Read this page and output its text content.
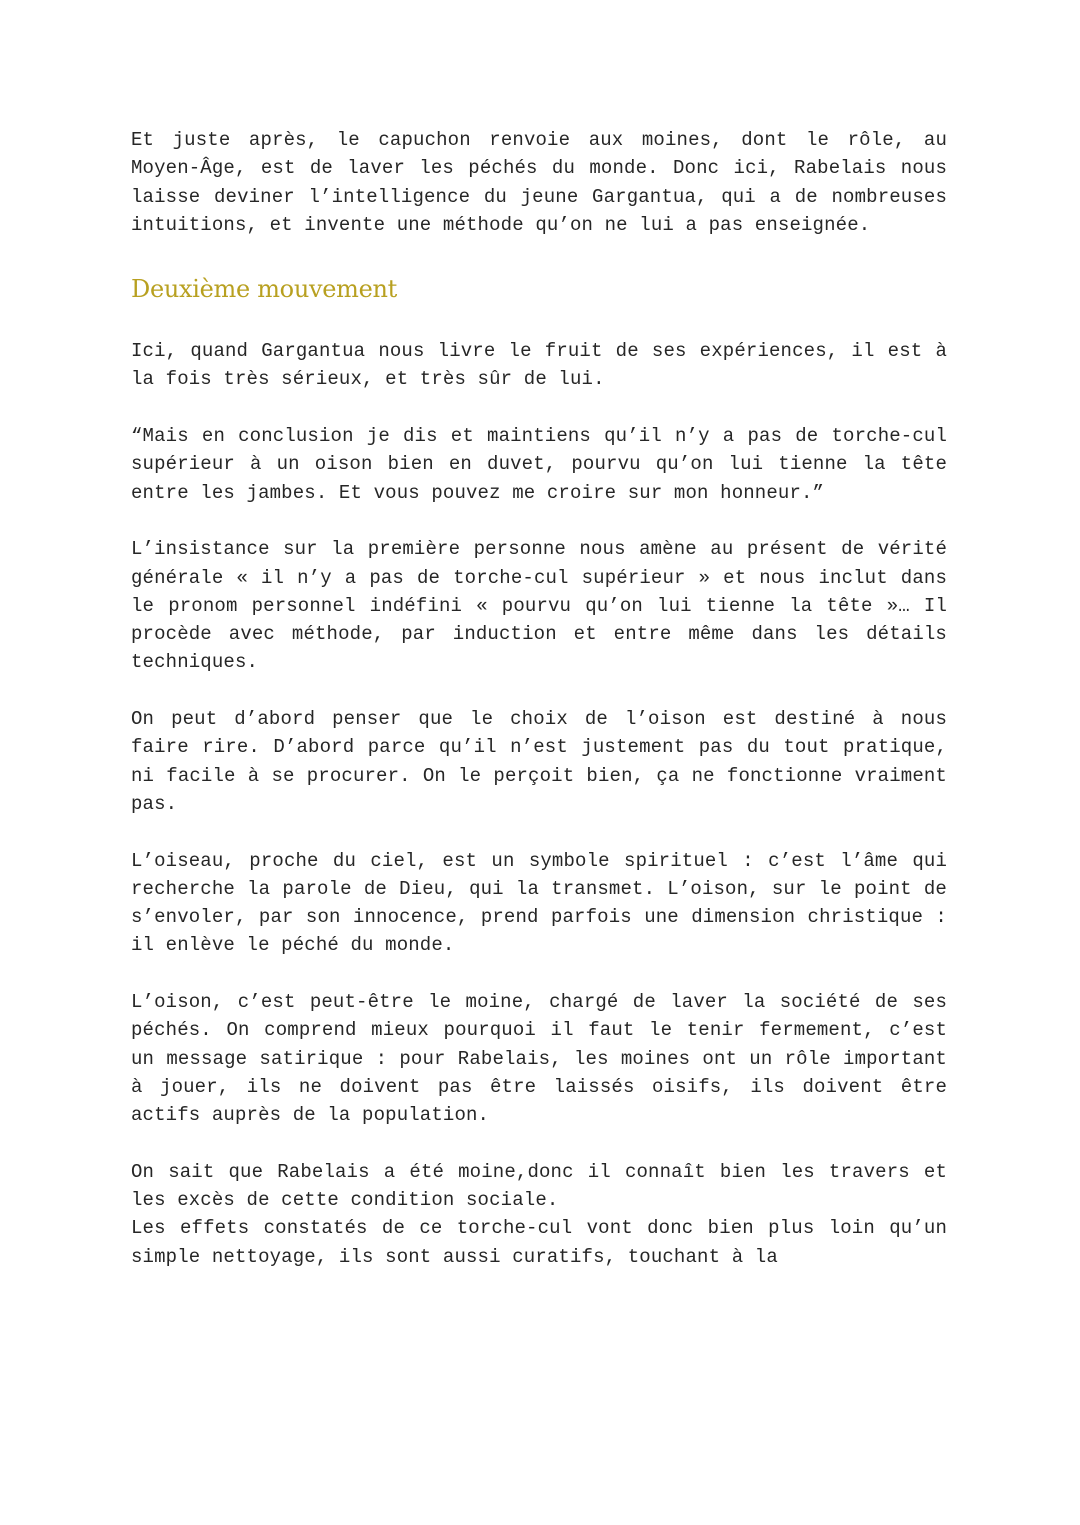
Et juste après, le capuchon renvoie aux moines, dont le rôle, au Moyen-Âge, est de laver les péchés du monde. Donc ici, Rabelais nous laisse deviner l’intelligence du jeune Gargantua, qui a de nombreuses intuitions, et invente une méthode qu’on ne lui a pas enseignée.

Deuxième mouvement

Ici, quand Gargantua nous livre le fruit de ses expériences, il est à la fois très sérieux, et très sûr de lui.

“Mais en conclusion je dis et maintiens qu’il n’y a pas de torche-cul supérieur à un oison bien en duvet, pourvu qu’on lui tienne la tête entre les jambes. Et vous pouvez me croire sur mon honneur.”

L’insistance sur la première personne nous amène au présent de vérité générale « il n’y a pas de torche-cul supérieur » et nous inclut dans le pronom personnel indéfini « pourvu qu’on lui tienne la tête »… Il procède avec méthode, par induction et entre même dans les détails techniques.

On peut d’abord penser que le choix de l’oison est destiné à nous faire rire. D’abord parce qu’il n’est justement pas du tout pratique, ni facile à se procurer. On le perçoit bien, ça ne fonctionne vraiment pas.

L’oiseau, proche du ciel, est un symbole spirituel : c’est l’âme qui recherche la parole de Dieu, qui la transmet. L’oison, sur le point de s’envoler, par son innocence, prend parfois une dimension christique : il enlève le péché du monde.

L’oison, c’est peut-être le moine, chargé de laver la société de ses péchés. On comprend mieux pourquoi il faut le tenir fermement, c’est un message satirique : pour Rabelais, les moines ont un rôle important à jouer, ils ne doivent pas être laissés oisifs, ils doivent être actifs auprès de la population.

On sait que Rabelais a été moine,donc il connaît bien les travers et les excès de cette condition sociale.

Les effets constatés de ce torche-cul vont donc bien plus loin qu’un simple nettoyage, ils sont aussi curatifs, touchant à la
